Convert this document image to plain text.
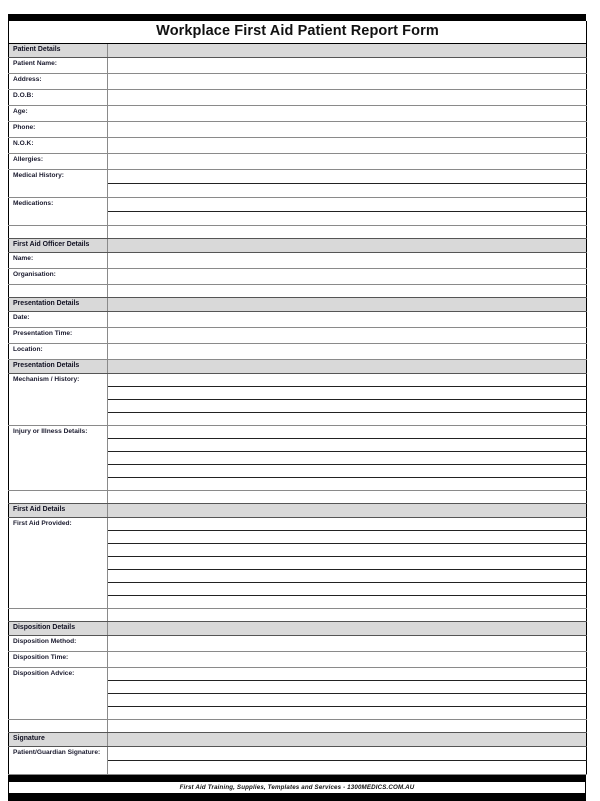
Workplace First Aid Patient Report Form	
Patient Details	
Patient Name:	
Address:	
D.O.B:	
Age:	
Phone:	
N.O.K:	
Allergies:	
Medical History:	

Medications:	

First Aid Officer Details	
Name:	
Organisation:	

Presentation Details	
Date:	
Presentation Time:	
Location:	
Presentation Details	
Mechanism / History:	

Injury or Illness Details:	

First Aid Details	
First Aid Provided:	

Disposition Details	
Disposition Method:	
Disposition Time:	
Disposition Advice:	

Signature	
Patient/Guardian Signature:	

First Aid Training, Supplies, Templates and Services - 1300MEDICS.COM.AU
